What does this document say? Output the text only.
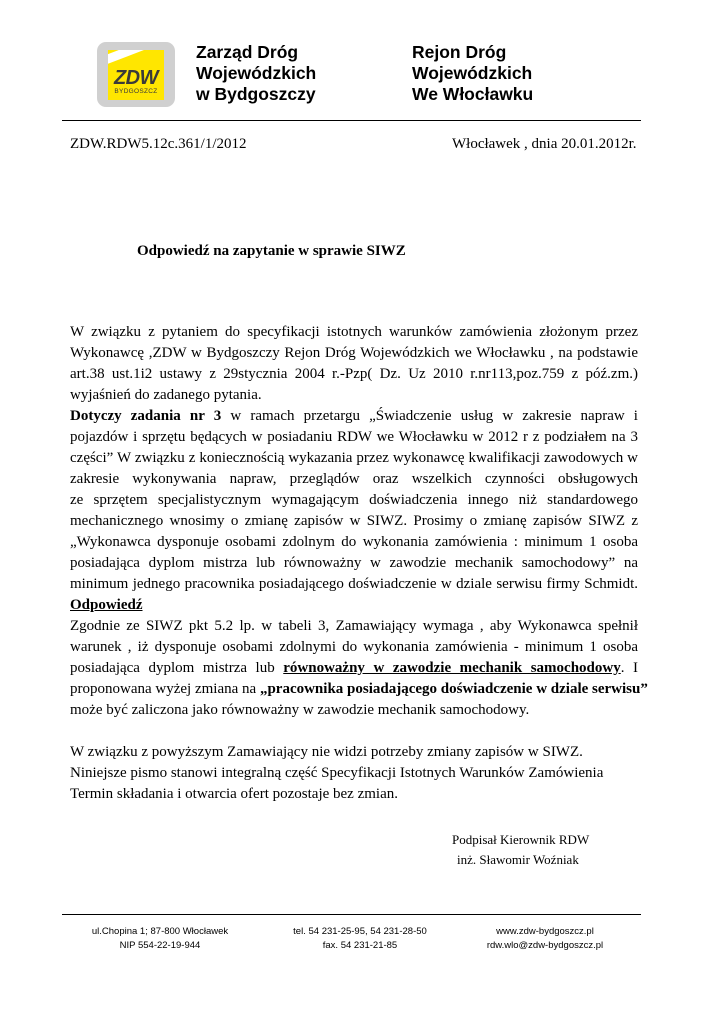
ZDW
BYDGOSZCZ
Zarząd Dróg
Wojewódzkich
w Bydgoszczy
Rejon Dróg
Wojewódzkich
We Włocławku
ZDW.RDW5.12c.361/1/2012	Włocławek , dnia 20.01.2012r.
Odpowiedź na zapytanie w sprawie SIWZ
W związku z pytaniem do specyfikacji istotnych warunków zamówienia złożonym przez
Wykonawcę ,ZDW w Bydgoszczy Rejon Dróg Wojewódzkich we Włocławku , na podstawie
art.38 ust.1i2 ustawy z 29stycznia 2004 r.-Pzp( Dz. Uz 2010 r.nr113,poz.759 z póź.zm.)
wyjaśnień do zadanego pytania.
Dotyczy zadania nr 3 w ramach przetargu „Świadczenie usług w zakresie napraw i
pojazdów i sprzętu będących w posiadaniu RDW we Włocławku w 2012 r z podziałem na 3
części” W związku z koniecznością wykazania przez wykonawcę kwalifikacji zawodowych w
zakresie wykonywania napraw, przeglądów oraz wszelkich czynności obsługowych
ze sprzętem specjalistycznym wymagającym doświadczenia innego niż standardowego
mechanicznego wnosimy o zmianę zapisów w SIWZ. Prosimy o zmianę zapisów SIWZ z
„Wykonawca dysponuje osobami zdolnym do wykonania zamówienia : minimum 1 osoba
posiadająca dyplom mistrza lub równoważny w zawodzie mechanik samochodowy” na
minimum jednego pracownika posiadającego doświadczenie w dziale serwisu firmy Schmidt.
Odpowiedź
Zgodnie ze SIWZ pkt 5.2 lp. w tabeli 3, Zamawiający wymaga , aby Wykonawca spełnił
warunek , iż dysponuje osobami zdolnymi do wykonania zamówienia - minimum 1 osoba
posiadająca dyplom mistrza lub równoważny w zawodzie mechanik samochodowy. I
proponowana wyżej zmiana na „pracownika posiadającego doświadczenie w dziale serwisu”
może być zaliczona jako równoważny w zawodzie mechanik samochodowy.
W związku z powyższym Zamawiający nie widzi potrzeby zmiany zapisów w SIWZ.
Niniejsze pismo stanowi integralną część Specyfikacji Istotnych Warunków Zamówienia
Termin składania i otwarcia ofert pozostaje bez zmian.
Podpisał Kierownik RDW
inż. Sławomir Woźniak
ul.Chopina 1; 87-800 Włocławek
NIP 554-22-19-944
tel. 54 231-25-95, 54 231-28-50
fax. 54 231-21-85
www.zdw-bydgoszcz.pl
rdw.wlo@zdw-bydgoszcz.pl
